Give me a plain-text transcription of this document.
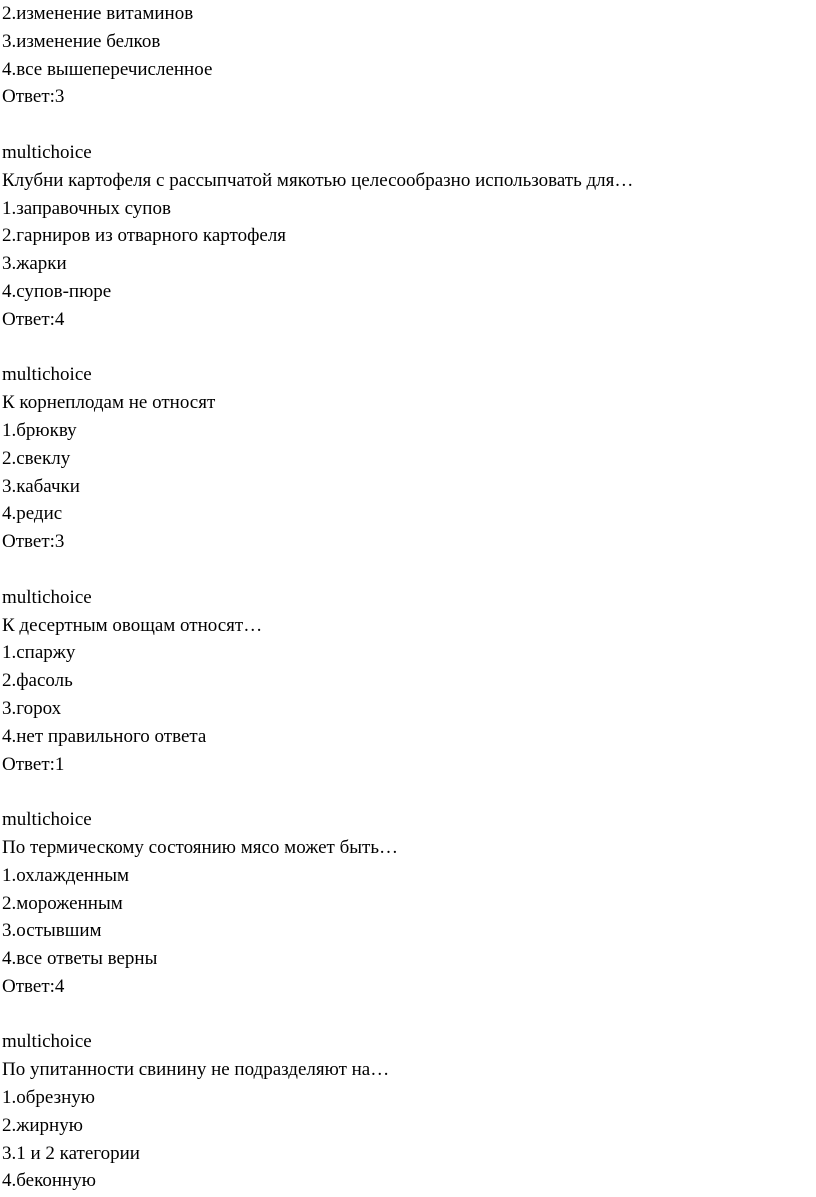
2.изменение витаминов
3.изменение белков
4.все вышеперечисленное
Ответ:3
multichoice
Клубни картофеля с рассыпчатой мякотью целесообразно использовать для…
1.заправочных супов
2.гарниров из отварного картофеля
3.жарки
4.супов-пюре
Ответ:4
multichoice
К корнеплодам не относят
1.брюкву
2.свеклу
3.кабачки
4.редис
Ответ:3
multichoice
К десертным овощам относят…
1.спаржу
2.фасоль
3.горох
4.нет правильного ответа
Ответ:1
multichoice
По термическому состоянию мясо может быть…
1.охлажденным
2.мороженным
3.остывшим
4.все ответы верны
Ответ:4
multichoice
По упитанности свинину не подразделяют на…
1.обрезную
2.жирную
3.1 и 2 категории
4.беконную
